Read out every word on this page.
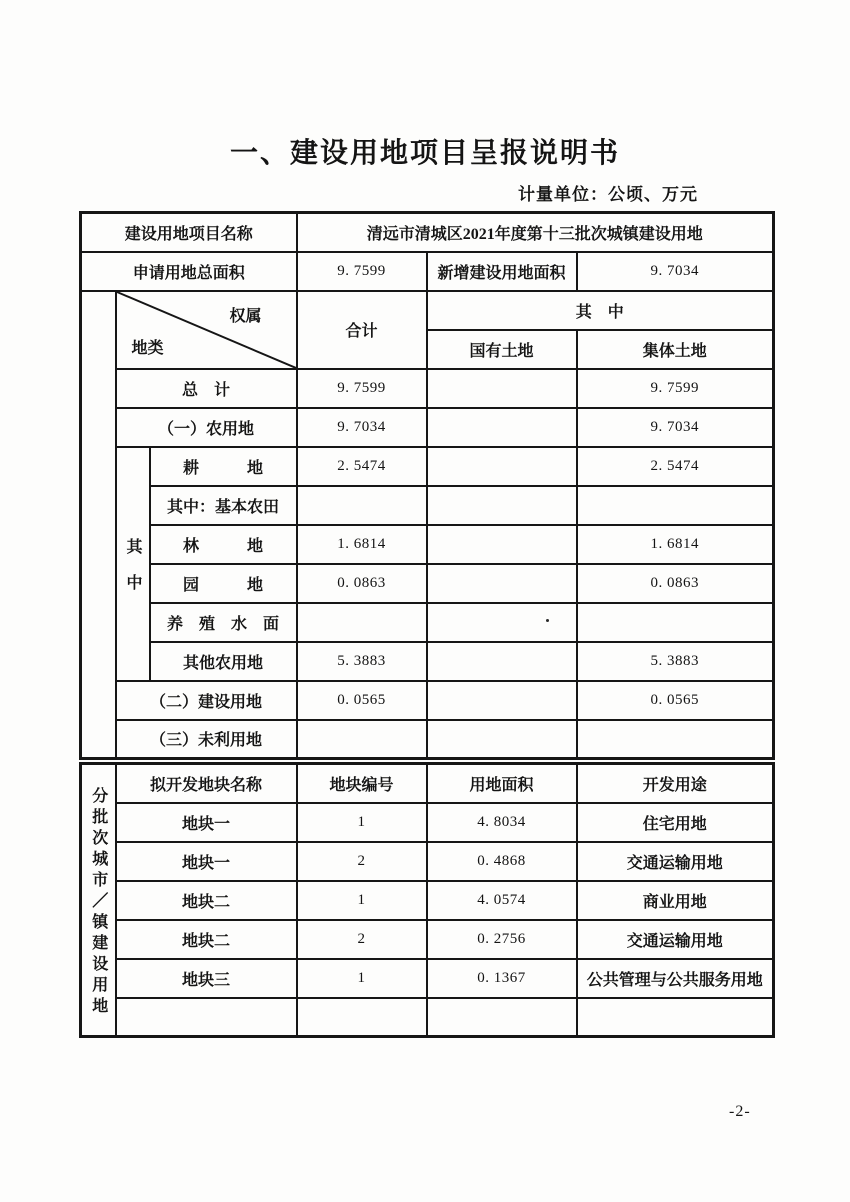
一、建设用地项目呈报说明书
计量单位：公顷、万元
建设用地项目名称			清远市清城区2021年度第十三批次城镇建设用地		
申请用地总面积			9. 7599	新增建设用地面积	9. 7034

	权属
地类		合计	其　中	
				国有土地	集体土地
	总　计		9. 7599		9. 7599
	（一）农用地		9. 7034		9. 7034

	其中	耕　　　地	2. 5474		2. 5474
		其中：基本农田			
		林　　　地	1. 6814		1. 6814
		园　　　地	0. 0863		0. 0863
		养　殖　水　面			
		其他农用地	5. 3883		5. 3883
	（二）建设用地		0. 0565		0. 0565
	（三）未利用地				
分批次城市／镇建设用地	拟开发地块名称	地块编号	用地面积	开发用途
	地块一	1	4. 8034	住宅用地
	地块一	2	0. 4868	交通运输用地
	地块二	1	4. 0574	商业用地
	地块二	2	0. 2756	交通运输用地
	地块三	1	0. 1367	公共管理与公共服务用地

-2-
